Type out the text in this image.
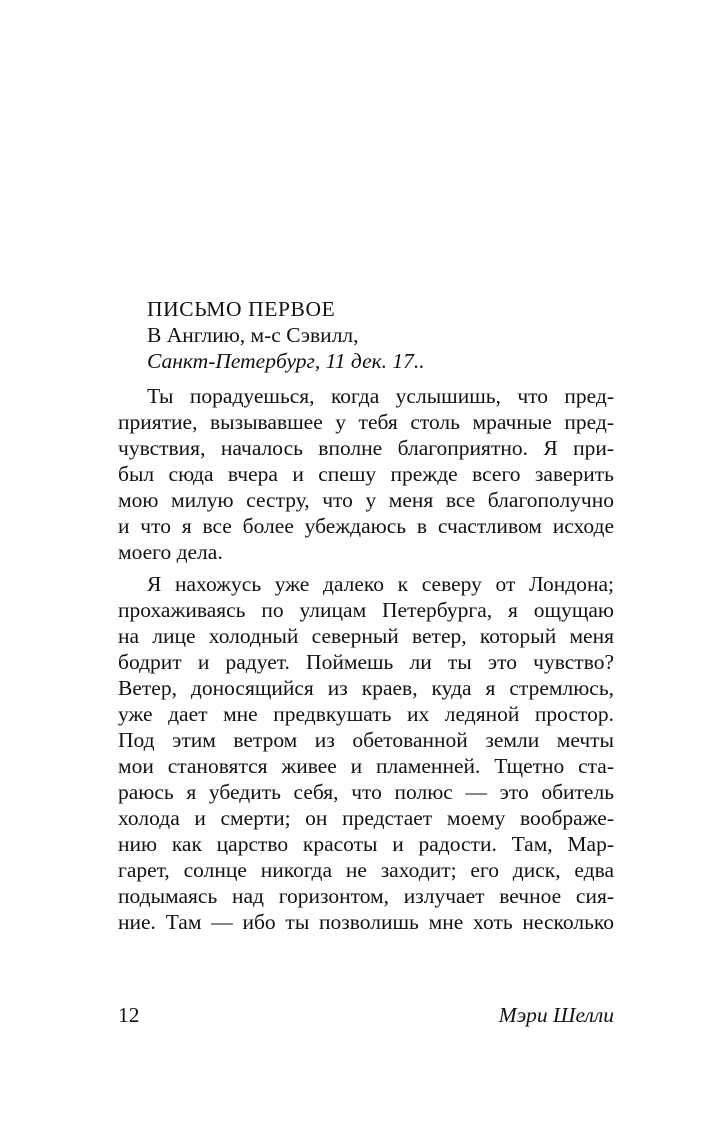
ПИСЬМО ПЕРВОЕ
В Англию, м-с Сэвилл,
Санкт-Петербург, 11 дек. 17..
Ты порадуешься, когда услышишь, что пред-
приятие, вызывавшее у тебя столь мрачные пред-
чувствия, началось вполне благоприятно. Я при-
был сюда вчера и спешу прежде всего заверить
мою милую сестру, что у меня все благополучно
и что я все более убеждаюсь в счастливом исходе
моего дела.
Я нахожусь уже далеко к северу от Лондона;
прохаживаясь по улицам Петербурга, я ощущаю
на лице холодный северный ветер, который меня
бодрит и радует. Поймешь ли ты это чувство?
Ветер, доносящийся из краев, куда я стремлюсь,
уже дает мне предвкушать их ледяной простор.
Под этим ветром из обетованной земли мечты
мои становятся живее и пламенней. Тщетно ста-
раюсь я убедить себя, что полюс — это обитель
холода и смерти; он предстает моему воображе-
нию как царство красоты и радости. Там, Мар-
гарет, солнце никогда не заходит; его диск, едва
подымаясь над горизонтом, излучает вечное сия-
ние. Там — ибо ты позволишь мне хоть несколько
12	Мэри Шелли
